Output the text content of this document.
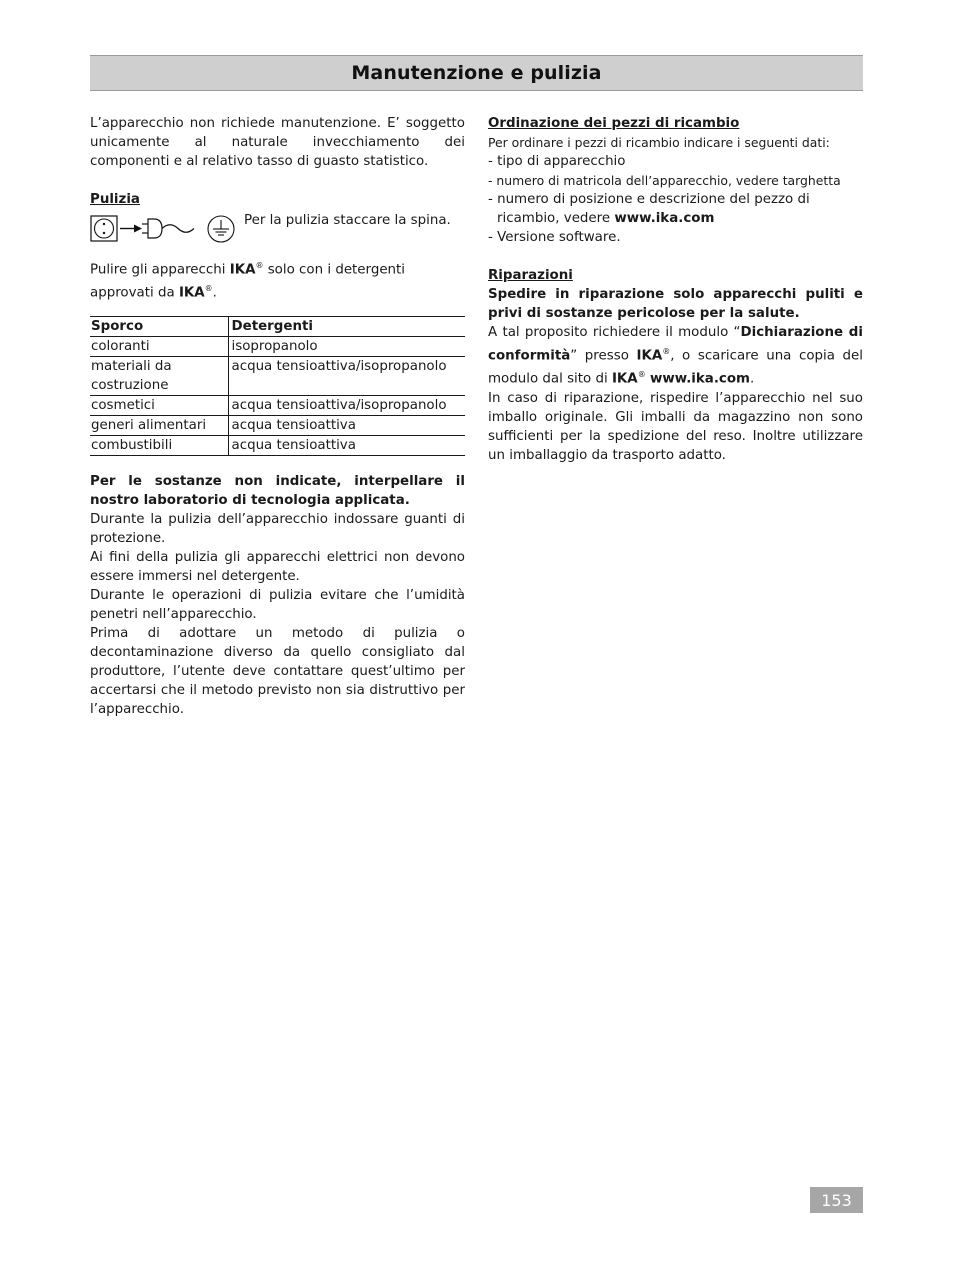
Manutenzione e pulizia

L’apparecchio non richiede manutenzione. E’ soggetto unicamente al naturale invecchiamento dei componenti e al relativo tasso di guasto statistico.

Pulizia

Per la pulizia staccare la spina.

Pulire gli apparecchi IKA® solo con i detergenti approvati da IKA®.

Sporco	Detergenti
coloranti	isopropanolo
materiali da costruzione	acqua tensioattiva/isopropanolo
cosmetici	acqua tensioattiva/isopropanolo
generi alimentari	acqua tensioattiva
combustibili	acqua tensioattiva

Per le sostanze non indicate, interpellare il nostro laboratorio di tecnologia applicata.

Durante la pulizia dell’apparecchio indossare guanti di protezione.

Ai fini della pulizia gli apparecchi elettrici non devono essere immersi nel detergente.

Durante le operazioni di pulizia evitare che l’umidità penetri nell’apparecchio.

Prima di adottare un metodo di pulizia o decontaminazione diverso da quello consigliato dal produttore, l’utente deve contattare quest’ultimo per accertarsi che il metodo previsto non sia distruttivo per l’apparecchio.

Ordinazione dei pezzi di ricambio

Per ordinare i pezzi di ricambio indicare i seguenti dati:

- tipo di apparecchio

- numero di matricola dell’apparecchio, vedere targhetta

- numero di posizione e descrizione del pezzo di ricambio, vedere www.ika.com

- Versione software.

Riparazioni

Spedire in riparazione solo apparecchi puliti e privi di sostanze pericolose per la salute.

A tal proposito richiedere il modulo “Dichiarazione di conformità” presso IKA®, o scaricare una copia del modulo dal sito di IKA® www.ika.com.

In caso di riparazione, rispedire l’apparecchio nel suo imballo originale. Gli imballi da magazzino non sono sufficienti per la spedizione del reso. Inoltre utilizzare un imballaggio da trasporto adatto.

153
